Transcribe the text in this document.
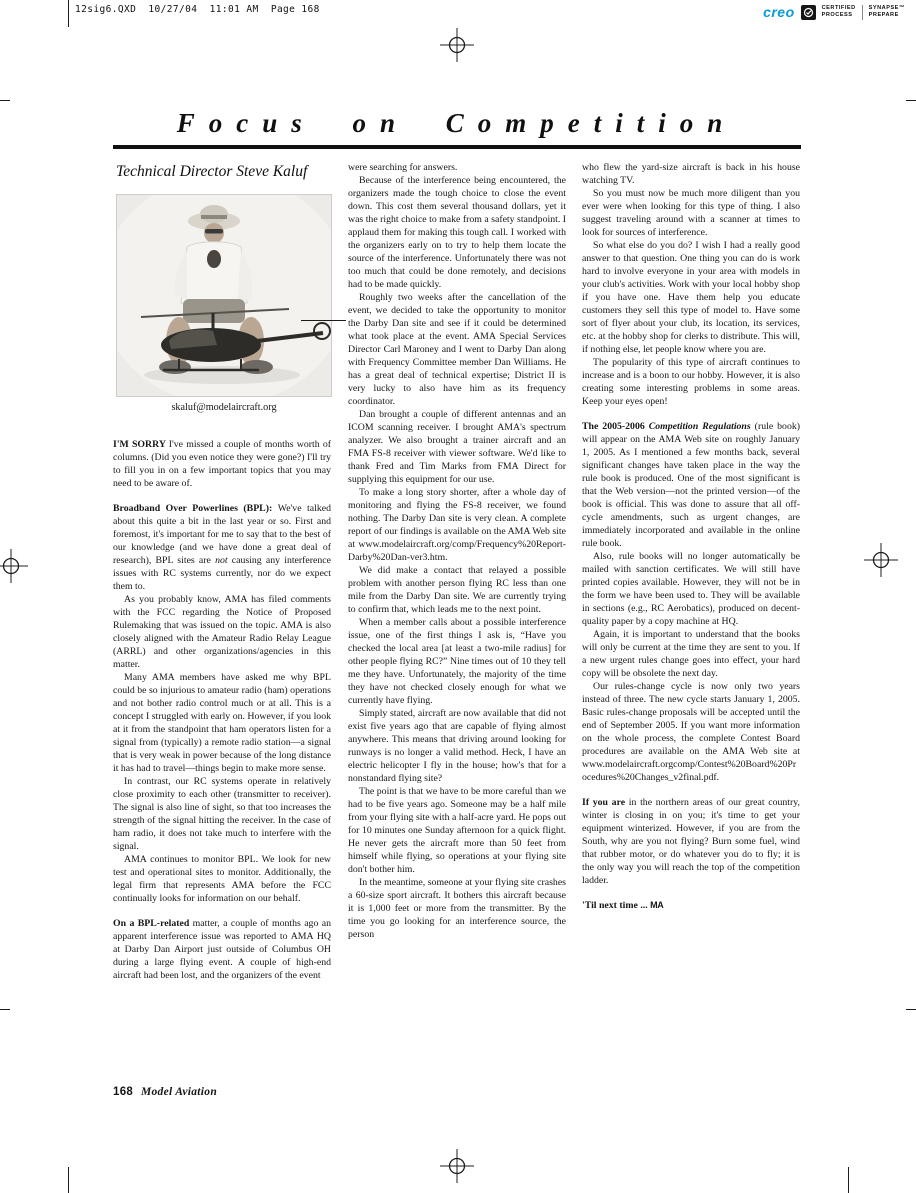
12sig6.QXD  10/27/04  11:01 AM  Page 168	creo	CERTIFIED
PROCESS
SYNAPSE™
PREPARE
Focus on Competition
Technical Director Steve Kaluf
skaluf@modelaircraft.org

I'M SORRY I've missed a couple of months worth of columns. (Did you even notice they were gone?) I'll try to fill you in on a few important topics that you may need to be aware of.

Broadband Over Powerlines (BPL): We've talked about this quite a bit in the last year or so. First and foremost, it's important for me to say that to the best of our knowledge (and we have done a great deal of research), BPL sites are not causing any interference issues with RC systems currently, nor do we expect them to.

As you probably know, AMA has filed comments with the FCC regarding the Notice of Proposed Rulemaking that was issued on the topic. AMA is also closely aligned with the Amateur Radio Relay League (ARRL) and other organizations/agencies in this matter.

Many AMA members have asked me why BPL could be so injurious to amateur radio (ham) operations and not bother radio control much or at all. This is a concept I struggled with early on. However, if you look at it from the standpoint that ham operators listen for a signal from (typically) a remote radio station—a signal that is very weak in power because of the long distance it has had to travel—things begin to make more sense.

In contrast, our RC systems operate in relatively close proximity to each other (transmitter to receiver). The signal is also line of sight, so that too increases the strength of the signal hitting the receiver. In the case of ham radio, it does not take much to interfere with the signal.

AMA continues to monitor BPL. We look for new test and operational sites to monitor. Additionally, the legal firm that represents AMA before the FCC continually looks for information on our behalf.

On a BPL-related matter, a couple of months ago an apparent interference issue was reported to AMA HQ at Darby Dan Airport just outside of Columbus OH during a large flying event. A couple of high-end aircraft had been lost, and the organizers of the event

were searching for answers.

Because of the interference being encountered, the organizers made the tough choice to close the event down. This cost them several thousand dollars, yet it was the right choice to make from a safety standpoint. I applaud them for making this tough call. I worked with the organizers early on to try to help them locate the source of the interference. Unfortunately there was not too much that could be done remotely, and decisions had to be made quickly.

Roughly two weeks after the cancellation of the event, we decided to take the opportunity to monitor the Darby Dan site and see if it could be determined what took place at the event. AMA Special Services Director Carl Maroney and I went to Darby Dan along with Frequency Committee member Dan Williams. He has a great deal of technical expertise; District II is very lucky to also have him as its frequency coordinator.

Dan brought a couple of different antennas and an ICOM scanning receiver. I brought AMA's spectrum analyzer. We also brought a trainer aircraft and an FMA FS-8 receiver with viewer software. We'd like to thank Fred and Tim Marks from FMA Direct for supplying this equipment for our use.

To make a long story shorter, after a whole day of monitoring and flying the FS-8 receiver, we found nothing. The Darby Dan site is very clean. A complete report of our findings is available on the AMA Web site at www.modelaircraft.org/comp/Frequency%20Report-Darby%20Dan-ver3.htm.

We did make a contact that relayed a possible problem with another person flying RC less than one mile from the Darby Dan site. We are currently trying to confirm that, which leads me to the next point.

When a member calls about a possible interference issue, one of the first things I ask is, “Have you checked the local area [at least a two-mile radius] for other people flying RC?” Nine times out of 10 they tell me they have. Unfortunately, the majority of the time they have not checked closely enough for what we currently have flying.

Simply stated, aircraft are now available that did not exist five years ago that are capable of flying almost anywhere. This means that driving around looking for runways is no longer a valid method. Heck, I have an electric helicopter I fly in the house; how's that for a nonstandard flying site?

The point is that we have to be more careful than we had to be five years ago. Someone may be a half mile from your flying site with a half-acre yard. He pops out for 10 minutes one Sunday afternoon for a quick flight. He never gets the aircraft more than 50 feet from himself while flying, so operations at your flying site don't bother him.

In the meantime, someone at your flying site crashes a 60-size sport aircraft. It bothers this aircraft because it is 1,000 feet or more from the transmitter. By the time you go looking for an interference source, the person

who flew the yard-size aircraft is back in his house watching TV.

So you must now be much more diligent than you ever were when looking for this type of thing. I also suggest traveling around with a scanner at times to look for sources of interference.

So what else do you do? I wish I had a really good answer to that question. One thing you can do is work hard to involve everyone in your area with models in your club's activities. Work with your local hobby shop if you have one. Have them help you educate customers they sell this type of model to. Have some sort of flyer about your club, its location, its services, etc. at the hobby shop for clerks to distribute. This will, if nothing else, let people know where you are.

The popularity of this type of aircraft continues to increase and is a boon to our hobby. However, it is also creating some interesting problems in some areas. Keep your eyes open!

The 2005-2006 Competition Regulations (rule book) will appear on the AMA Web site on roughly January 1, 2005. As I mentioned a few months back, several significant changes have taken place in the way the rule book is produced. One of the most significant is that the Web version—not the printed version—of the book is official. This was done to assure that all off-cycle amendments, such as urgent changes, are immediately incorporated and available in the online rule book.

Also, rule books will no longer automatically be mailed with sanction certificates. We will still have printed copies available. However, they will not be in the form we have been used to. They will be available in sections (e.g., RC Aerobatics), produced on decent-quality paper by a copy machine at HQ.

Again, it is important to understand that the books will only be current at the time they are sent to you. If a new urgent rules change goes into effect, your hard copy will be obsolete the next day.

Our rules-change cycle is now only two years instead of three. The new cycle starts January 1, 2005. Basic rules-change proposals will be accepted until the end of September 2005. If you want more information on the whole process, the complete Contest Board procedures are available on the AMA Web site at www.modelaircraft.orgcomp/Contest%20Board%20Procedures%20Changes_v2final.pdf.

If you are in the northern areas of our great country, winter is closing in on you; it's time to get your equipment winterized. However, if you are from the South, why are you not flying? Burn some fuel, wind that rubber motor, or do whatever you do to fly; it is the only way you will reach the top of the competition ladder.

'Til next time ... MA

168 Model Aviation
